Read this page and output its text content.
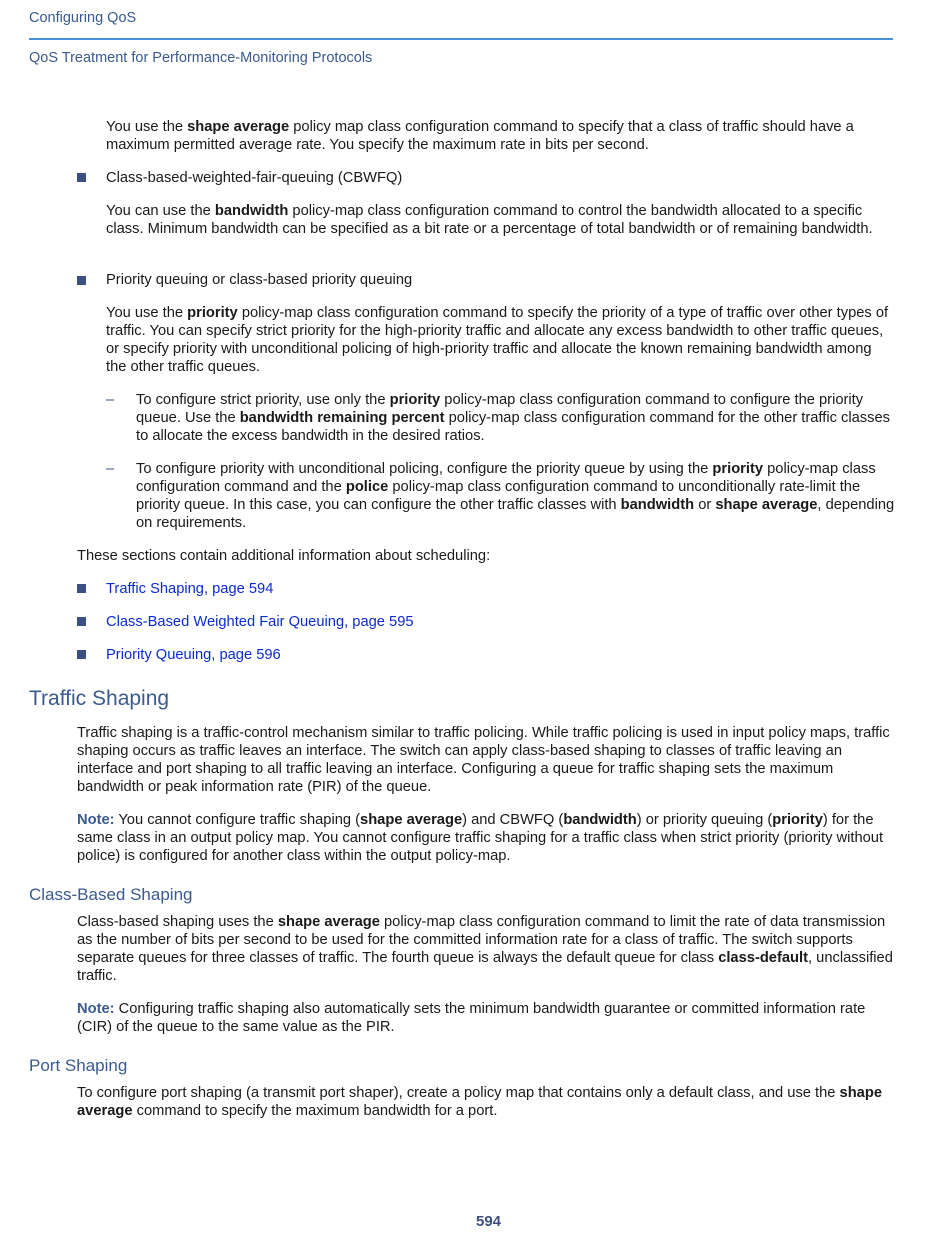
Configuring QoS
QoS Treatment for Performance-Monitoring Protocols

You use the shape average policy map class configuration command to specify that a class of traffic should have a maximum permitted average rate. You specify the maximum rate in bits per second.

Class-based-weighted-fair-queuing (CBWFQ)

You can use the bandwidth policy-map class configuration command to control the bandwidth allocated to a specific class. Minimum bandwidth can be specified as a bit rate or a percentage of total bandwidth or of remaining bandwidth.

Priority queuing or class-based priority queuing

You use the priority policy-map class configuration command to specify the priority of a type of traffic over other types of traffic. You can specify strict priority for the high-priority traffic and allocate any excess bandwidth to other traffic queues, or specify priority with unconditional policing of high-priority traffic and allocate the known remaining bandwidth among the other traffic queues.

– To configure strict priority, use only the priority policy-map class configuration command to configure the priority queue. Use the bandwidth remaining percent policy-map class configuration command for the other traffic classes to allocate the excess bandwidth in the desired ratios.

– To configure priority with unconditional policing, configure the priority queue by using the priority policy-map class configuration command and the police policy-map class configuration command to unconditionally rate-limit the priority queue. In this case, you can configure the other traffic classes with bandwidth or shape average, depending on requirements.

These sections contain additional information about scheduling:

Traffic Shaping, page 594

Class-Based Weighted Fair Queuing, page 595

Priority Queuing, page 596

Traffic Shaping

Traffic shaping is a traffic-control mechanism similar to traffic policing. While traffic policing is used in input policy maps, traffic shaping occurs as traffic leaves an interface. The switch can apply class-based shaping to classes of traffic leaving an interface and port shaping to all traffic leaving an interface. Configuring a queue for traffic shaping sets the maximum bandwidth or peak information rate (PIR) of the queue.

Note: You cannot configure traffic shaping (shape average) and CBWFQ (bandwidth) or priority queuing (priority) for the same class in an output policy map. You cannot configure traffic shaping for a traffic class when strict priority (priority without police) is configured for another class within the output policy-map.

Class-Based Shaping

Class-based shaping uses the shape average policy-map class configuration command to limit the rate of data transmission as the number of bits per second to be used for the committed information rate for a class of traffic. The switch supports separate queues for three classes of traffic. The fourth queue is always the default queue for class class-default, unclassified traffic.

Note: Configuring traffic shaping also automatically sets the minimum bandwidth guarantee or committed information rate (CIR) of the queue to the same value as the PIR.

Port Shaping

To configure port shaping (a transmit port shaper), create a policy map that contains only a default class, and use the shape average command to specify the maximum bandwidth for a port.

594
